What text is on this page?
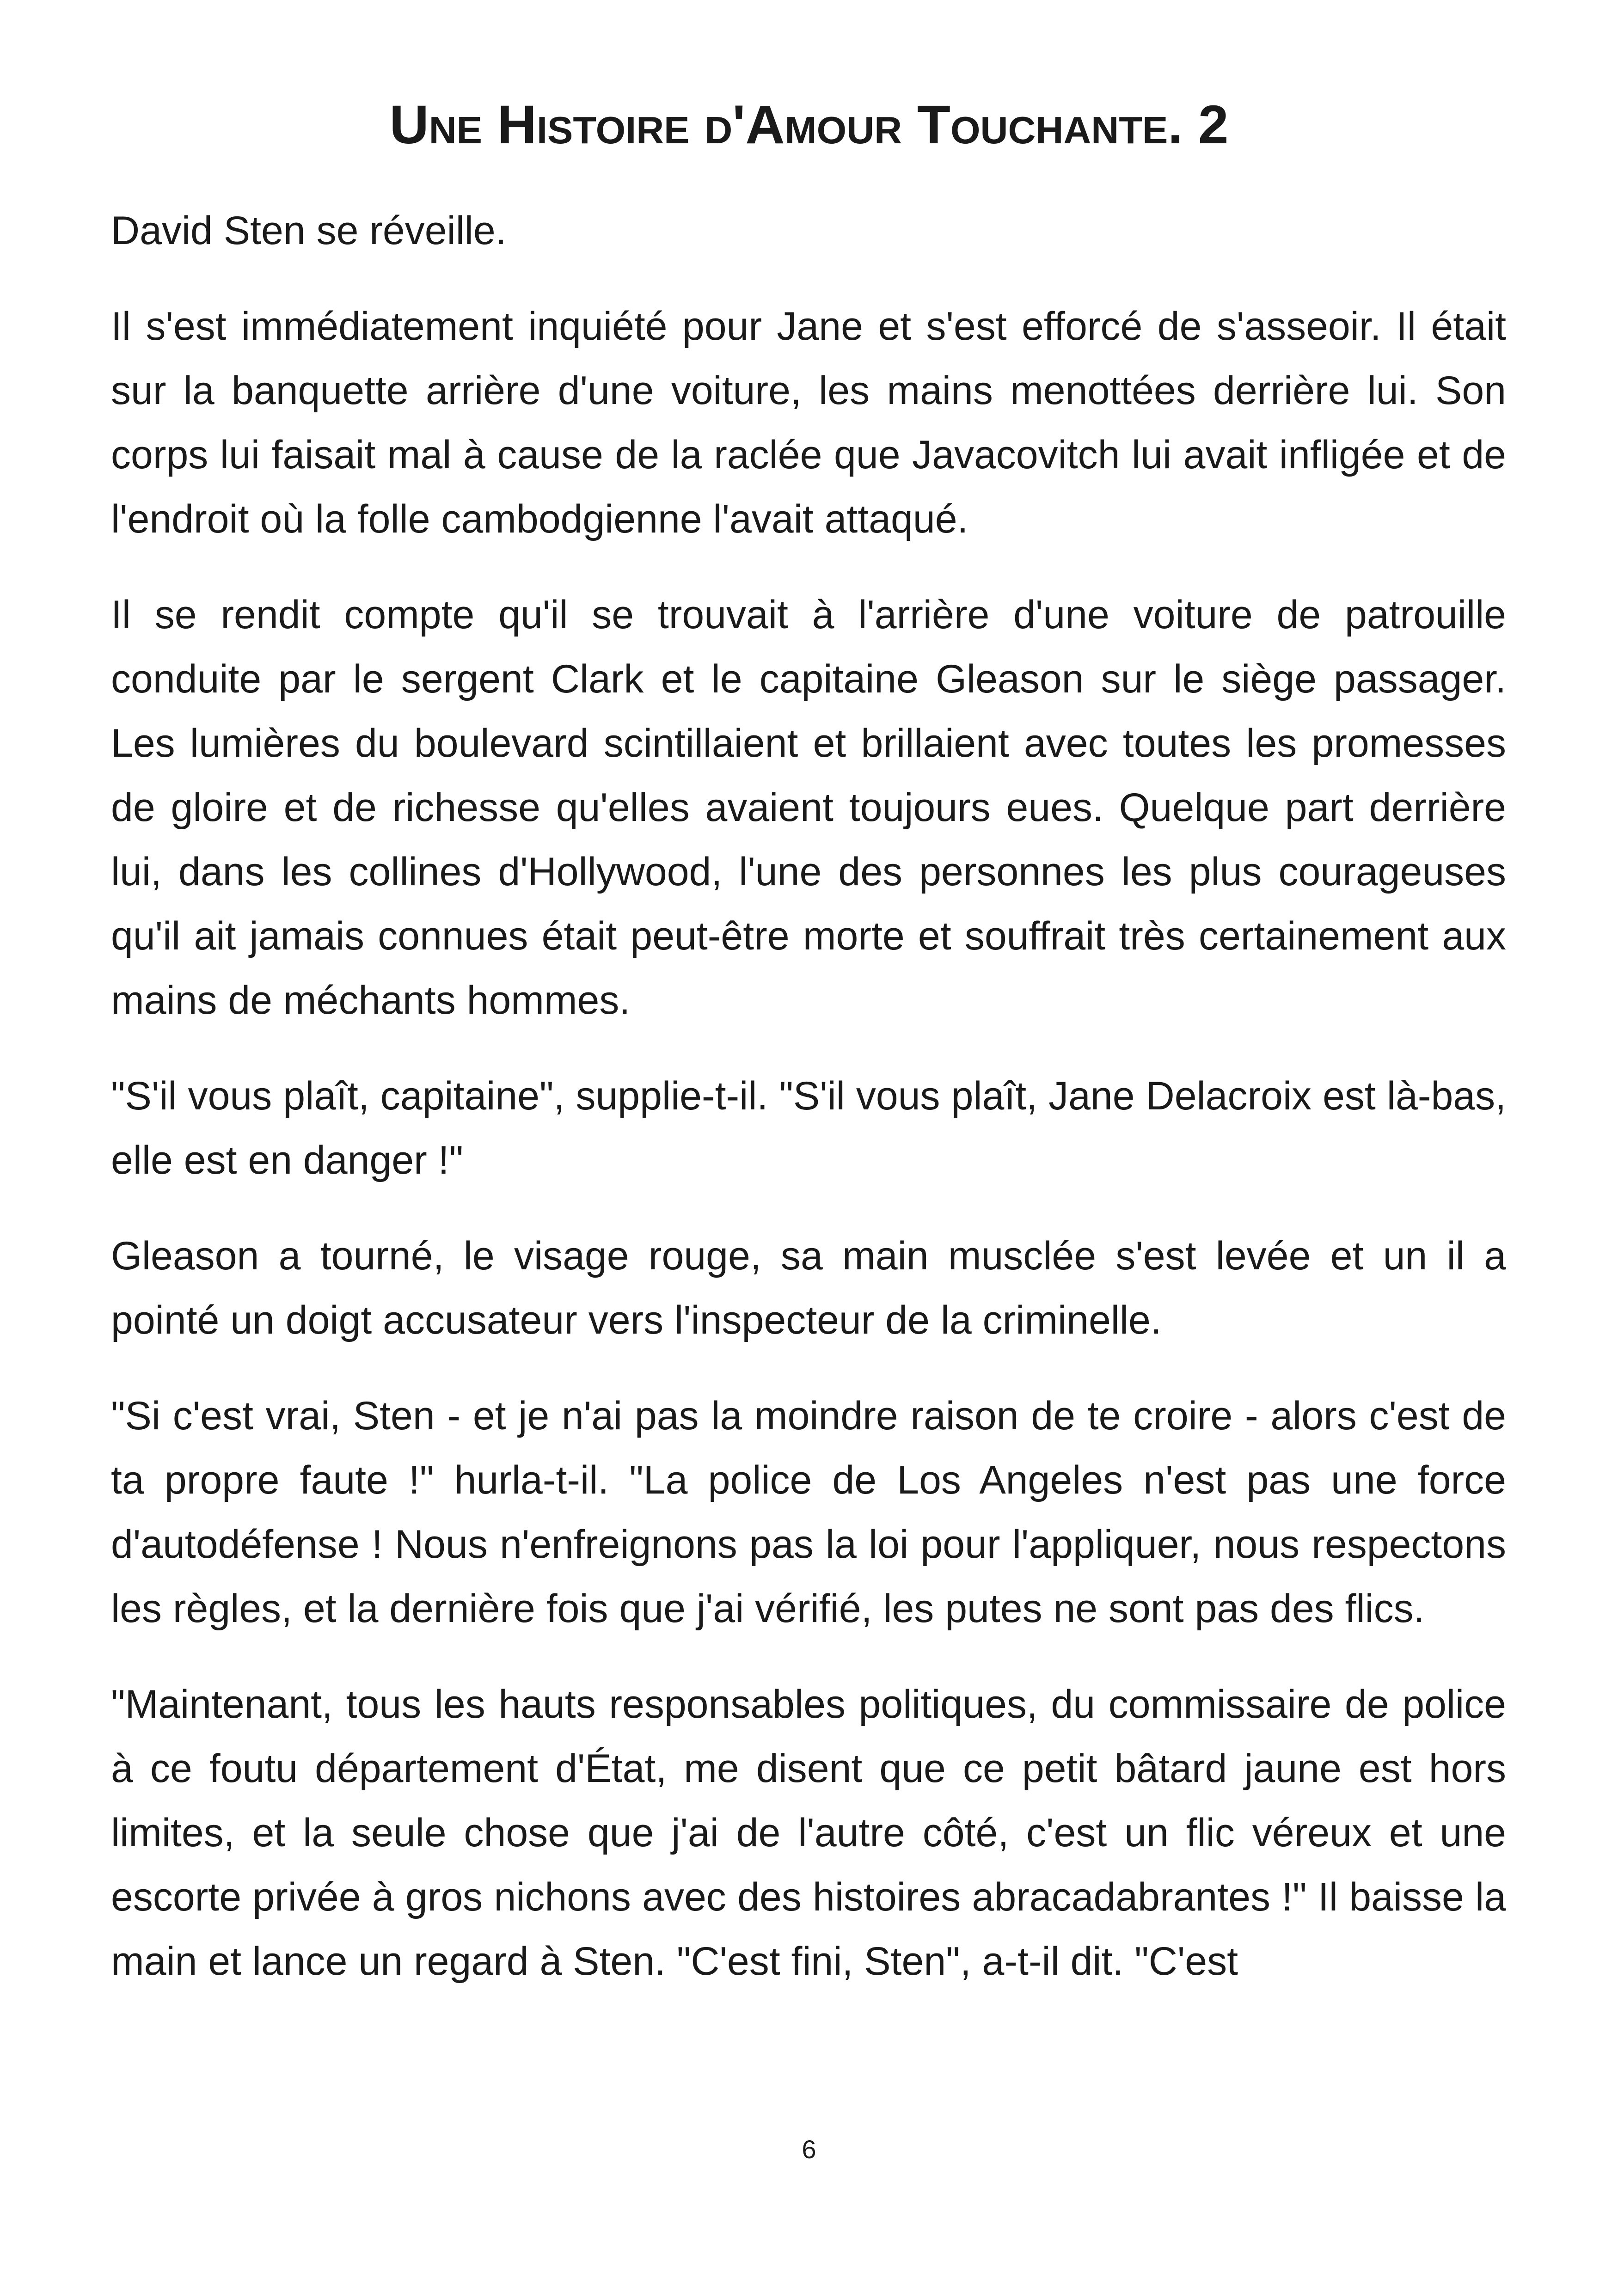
Une Histoire d'Amour Touchante. 2

David Sten se réveille.

Il s'est immédiatement inquiété pour Jane et s'est efforcé de s'asseoir. Il était sur la banquette arrière d'une voiture, les mains menottées derrière lui. Son corps lui faisait mal à cause de la raclée que Javacovitch lui avait infligée et de l'endroit où la folle cambodgienne l'avait attaqué.

Il se rendit compte qu'il se trouvait à l'arrière d'une voiture de patrouille conduite par le sergent Clark et le capitaine Gleason sur le siège passager. Les lumières du boulevard scintillaient et brillaient avec toutes les promesses de gloire et de richesse qu'elles avaient toujours eues. Quelque part derrière lui, dans les collines d'Hollywood, l'une des personnes les plus courageuses qu'il ait jamais connues était peut-être morte et souffrait très certainement aux mains de méchants hommes.

"S'il vous plaît, capitaine", supplie-t-il. "S'il vous plaît, Jane Delacroix est là-bas, elle est en danger !"

Gleason a tourné, le visage rouge, sa main musclée s'est levée et un il a pointé un doigt accusateur vers l'inspecteur de la criminelle.

"Si c'est vrai, Sten - et je n'ai pas la moindre raison de te croire - alors c'est de ta propre faute !" hurla-t-il. "La police de Los Angeles n'est pas une force d'autodéfense ! Nous n'enfreignons pas la loi pour l'appliquer, nous respectons les règles, et la dernière fois que j'ai vérifié, les putes ne sont pas des flics.

"Maintenant, tous les hauts responsables politiques, du commissaire de police à ce foutu département d'État, me disent que ce petit bâtard jaune est hors limites, et la seule chose que j'ai de l'autre côté, c'est un flic véreux et une escorte privée à gros nichons avec des histoires abracadabrantes !" Il baisse la main et lance un regard à Sten. "C'est fini, Sten", a-t-il dit. "C'est

6
